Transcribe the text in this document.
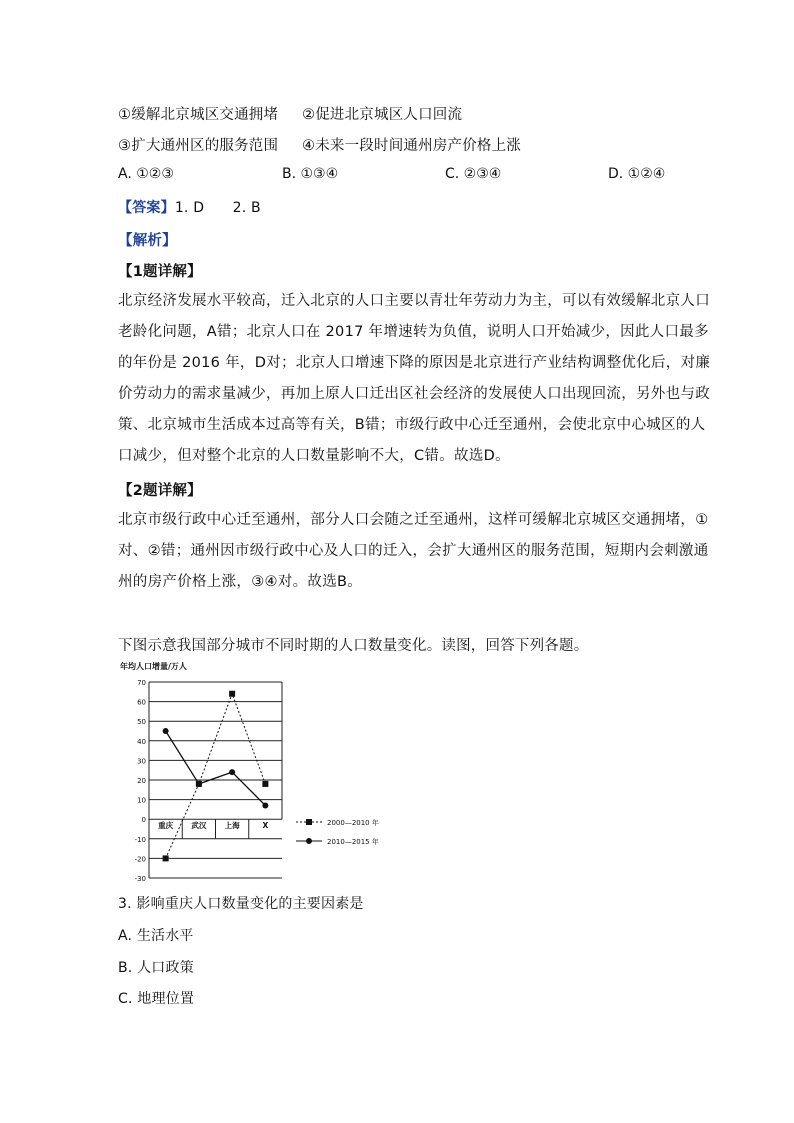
①缓解北京城区交通拥堵 ②促进北京城区人口回流
③扩大通州区的服务范围 ④未来一段时间通州房产价格上涨
A. ①②③	B. ①③④	C. ②③④	D. ①②④
【答案】1. D　　2. B
【解析】
【1题详解】
北京经济发展水平较高，迁入北京的人口主要以青壮年劳动力为主，可以有效缓解北京人口
老龄化问题，A错；北京人口在 2017 年增速转为负值，说明人口开始减少，因此人口最多
的年份是 2016 年，D对；北京人口增速下降的原因是北京进行产业结构调整优化后，对廉
价劳动力的需求量减少，再加上原人口迁出区社会经济的发展使人口出现回流，另外也与政
策、北京城市生活成本过高等有关，B错；市级行政中心迁至通州，会使北京中心城区的人
口减少，但对整个北京的人口数量影响不大，C错。故选D。
【2题详解】
北京市级行政中心迁至通州，部分人口会随之迁至通州，这样可缓解北京城区交通拥堵，①
对、②错；通州因市级行政中心及人口的迁入，会扩大通州区的服务范围，短期内会刺激通
州的房产价格上涨，③④对。故选B。
下图示意我国部分城市不同时期的人口数量变化。读图，回答下列各题。
年均人口增量/万人
-30
-20
-10
0
10
20
30
40
50
60
70
重庆 武汉 上海	X	2000—2010 年
2010—2015 年
3. 影响重庆人口数量变化的主要因素是
A. 生活水平
B. 人口政策
C. 地理位置
